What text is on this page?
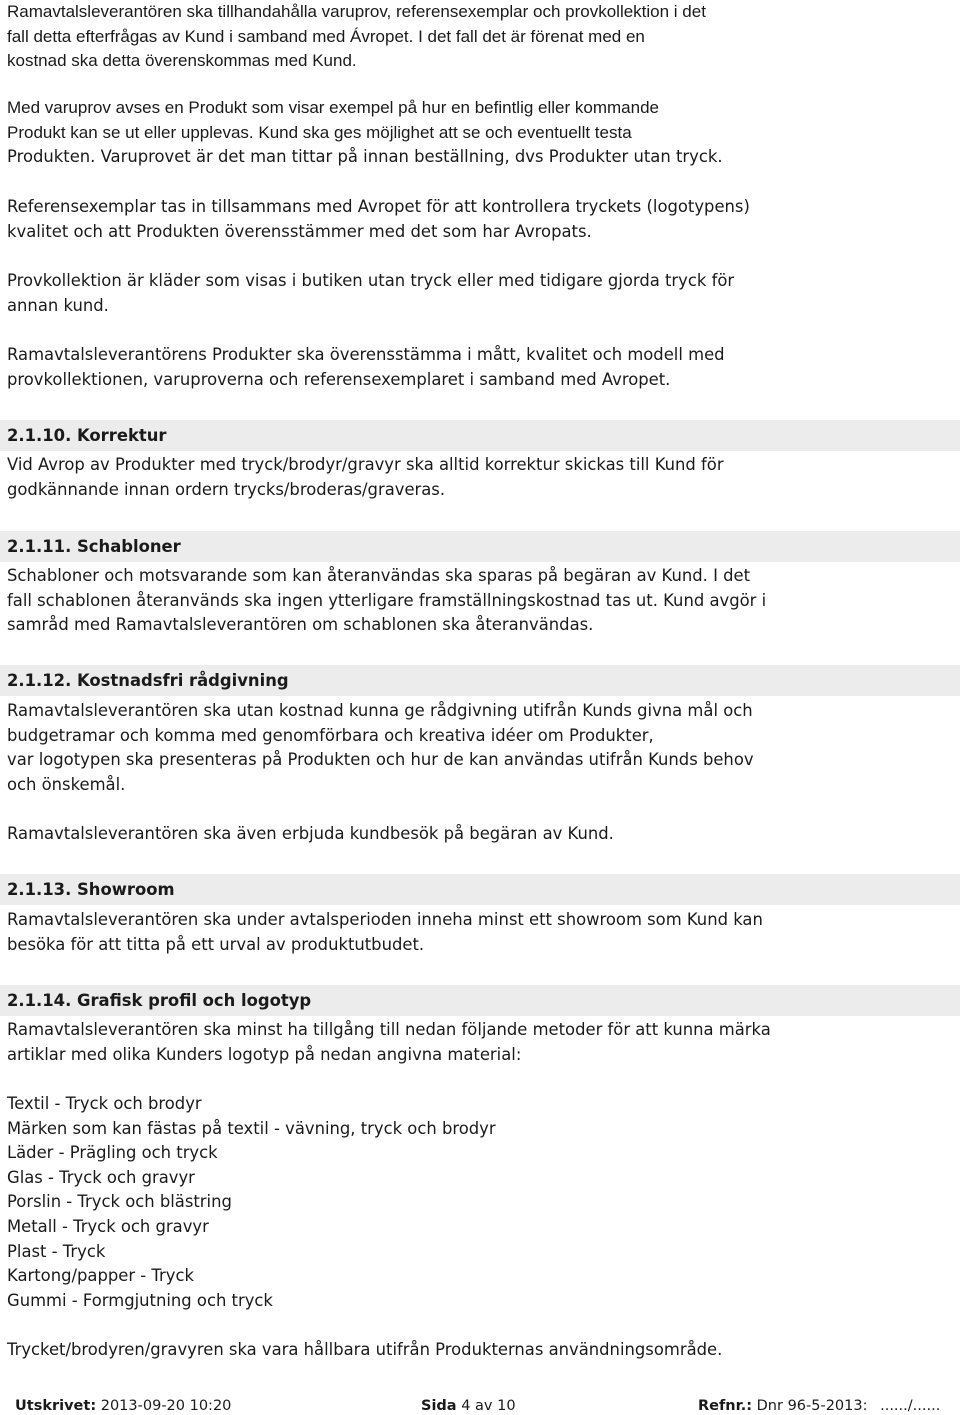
Ramavtalsleverantören ska tillhandahålla varuprov, referensexemplar och provkollektion i det
fall detta efterfrågas av Kund i samband med Ávropet. I det fall det är förenat med en
kostnad ska detta överenskommas med Kund.
Med varuprov avses en Produkt som visar exempel på hur en befintlig eller kommande
Produkt kan se ut eller upplevas. Kund ska ges möjlighet att se och eventuellt testa
Produkten. Varuprovet är det man tittar på innan beställning, dvs Produkter utan tryck.
Referensexemplar tas in tillsammans med Avropet för att kontrollera tryckets (logotypens)
kvalitet och att Produkten överensstämmer med det som har Avropats.
Provkollektion är kläder som visas i butiken utan tryck eller med tidigare gjorda tryck för
annan kund.
Ramavtalsleverantörens Produkter ska överensstämma i mått, kvalitet och modell med
provkollektionen, varuproverna och referensexemplaret i samband med Avropet.
2.1.10. Korrektur
Vid Avrop av Produkter med tryck/brodyr/gravyr ska alltid korrektur skickas till Kund för
godkännande innan ordern trycks/broderas/graveras.
2.1.11. Schabloner
Schabloner och motsvarande som kan återanvändas ska sparas på begäran av Kund. I det
fall schablonen återanvänds ska ingen ytterligare framställningskostnad tas ut. Kund avgör i
samråd med Ramavtalsleverantören om schablonen ska återanvändas.
2.1.12. Kostnadsfri rådgivning
Ramavtalsleverantören ska utan kostnad kunna ge rådgivning utifrån Kunds givna mål och
budgetramar och komma med genomförbara och kreativa idéer om Produkter,
var logotypen ska presenteras på Produkten och hur de kan användas utifrån Kunds behov
och önskemål.
Ramavtalsleverantören ska även erbjuda kundbesök på begäran av Kund.
2.1.13. Showroom
Ramavtalsleverantören ska under avtalsperioden inneha minst ett showroom som Kund kan
besöka för att titta på ett urval av produktutbudet.
2.1.14. Grafisk profil och logotyp
Ramavtalsleverantören ska minst ha tillgång till nedan följande metoder för att kunna märka
artiklar med olika Kunders logotyp på nedan angivna material:
Textil - Tryck och brodyr
Märken som kan fästas på textil - vävning, tryck och brodyr
Läder - Prägling och tryck
Glas - Tryck och gravyr
Porslin - Tryck och blästring
Metall - Tryck och gravyr
Plast - Tryck
Kartong/papper - Tryck
Gummi - Formgjutning och tryck
Trycket/brodyren/gravyren ska vara hållbara utifrån Produkternas användningsområde.
Utskrivet: 2013-09-20 10:20	Sida 4 av 10	Refnr.: Dnr 96-5-2013: ....../......
